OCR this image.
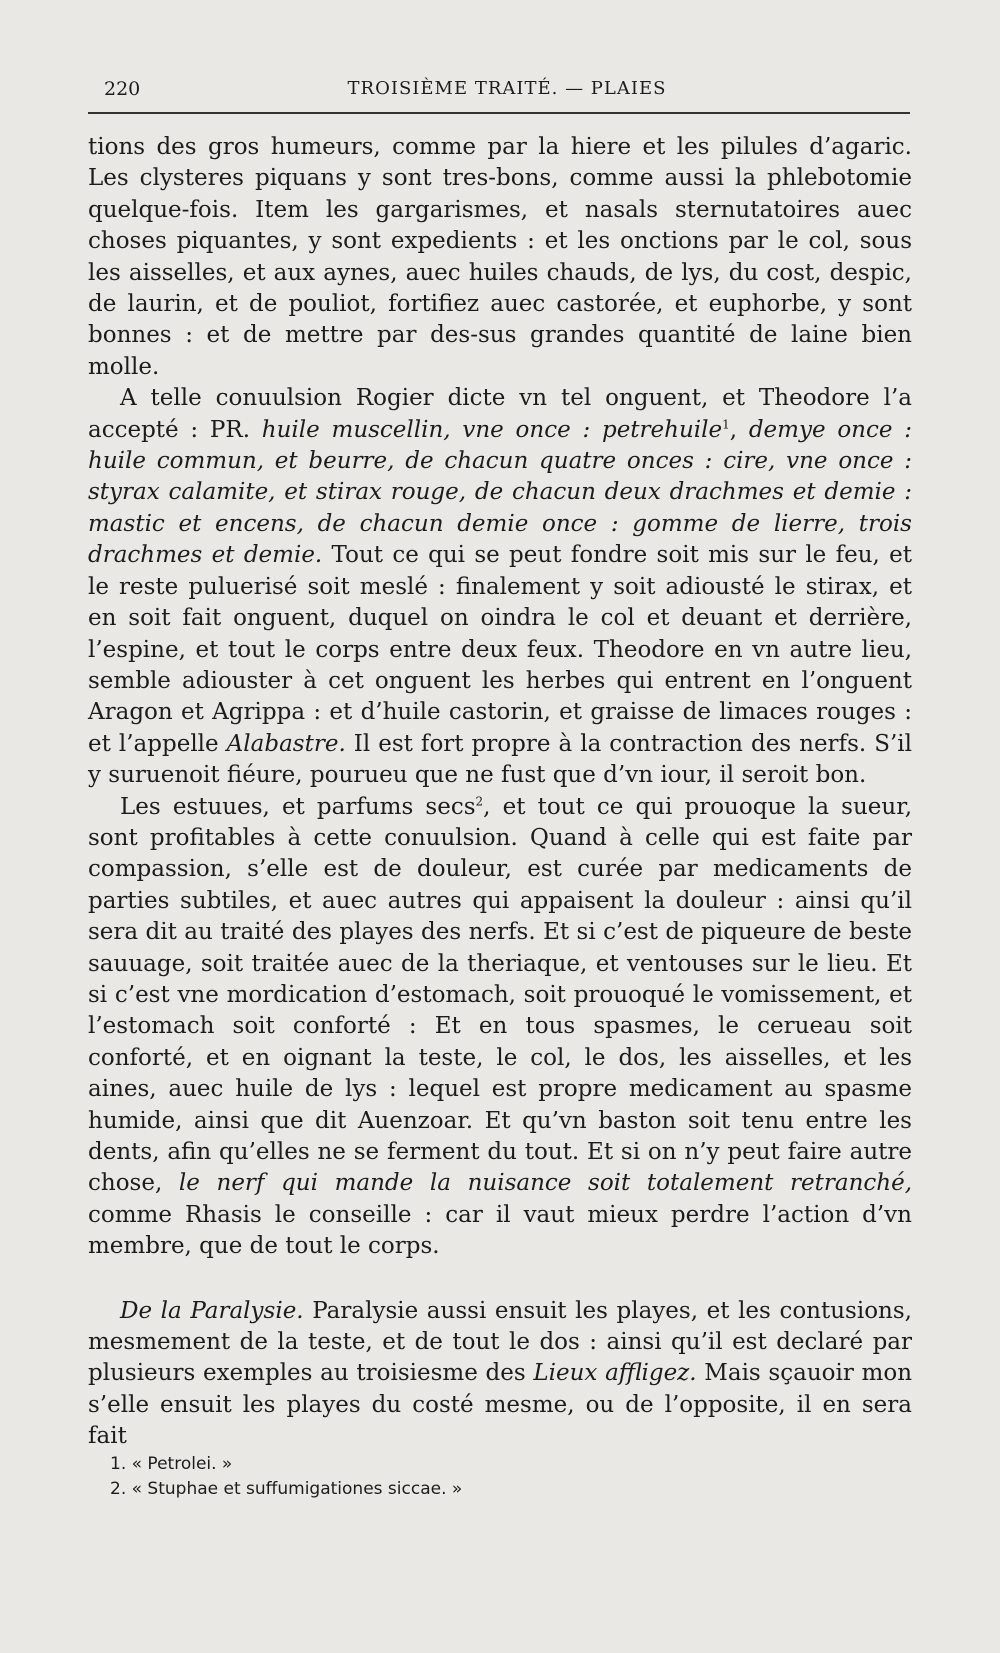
220	TROISIÈME TRAITÉ. — PLAIES

tions des gros humeurs, comme par la hiere et les pilules d’agaric. Les clysteres piquans y sont tres-bons, comme aussi la phlebotomie quelque-fois. Item les gargarismes, et nasals sternutatoires auec choses piquantes, y sont expedients : et les onctions par le col, sous les aisselles, et aux aynes, auec huiles chauds, de lys, du cost, despic, de laurin, et de pouliot, fortifiez auec castorée, et euphorbe, y sont bonnes : et de mettre par des-sus grandes quantité de laine bien molle.

A telle conuulsion Rogier dicte vn tel onguent, et Theodore l’a accepté : PR. huile muscellin, vne once : petrehuile$^1$, demye once : huile commun, et beurre, de chacun quatre onces : cire, vne once : styrax calamite, et stirax rouge, de chacun deux drachmes et demie : mastic et encens, de chacun demie once : gomme de lierre, trois drachmes et demie. Tout ce qui se peut fondre soit mis sur le feu, et le reste puluerisé soit meslé : finalement y soit adiousté le stirax, et en soit fait onguent, duquel on oindra le col et deuant et derrière, l’espine, et tout le corps entre deux feux. Theodore en vn autre lieu, semble adiouster à cet onguent les herbes qui entrent en l’onguent Aragon et Agrippa : et d’huile castorin, et graisse de limaces rouges : et l’appelle Alabastre. Il est fort propre à la contraction des nerfs. S’il y suruenoit fiéure, pourueu que ne fust que d’vn iour, il seroit bon.

Les estuues, et parfums secs$^2$, et tout ce qui prouoque la sueur, sont profitables à cette conuulsion. Quand à celle qui est faite par compassion, s’elle est de douleur, est curée par medicaments de parties subtiles, et auec autres qui appaisent la douleur : ainsi qu’il sera dit au traité des playes des nerfs. Et si c’est de piqueure de beste sauuage, soit traitée auec de la theriaque, et ventouses sur le lieu. Et si c’est vne mordication d’estomach, soit prouoqué le vomissement, et l’estomach soit conforté : Et en tous spasmes, le cerueau soit conforté, et en oignant la teste, le col, le dos, les aisselles, et les aines, auec huile de lys : lequel est propre medicament au spasme humide, ainsi que dit Auenzoar. Et qu’vn baston soit tenu entre les dents, afin qu’elles ne se ferment du tout. Et si on n’y peut faire autre chose, le nerf qui mande la nuisance soit totalement retranché, comme Rhasis le conseille : car il vaut mieux perdre l’action d’vn membre, que de tout le corps.

De la Paralysie. Paralysie aussi ensuit les playes, et les contusions, mesmement de la teste, et de tout le dos : ainsi qu’il est declaré par plusieurs exemples au troisiesme des Lieux affligez. Mais sçauoir mon s’elle ensuit les playes du costé mesme, ou de l’opposite, il en sera fait

1. « Petrolei. »

2. « Stuphae et suffumigationes siccae. »
